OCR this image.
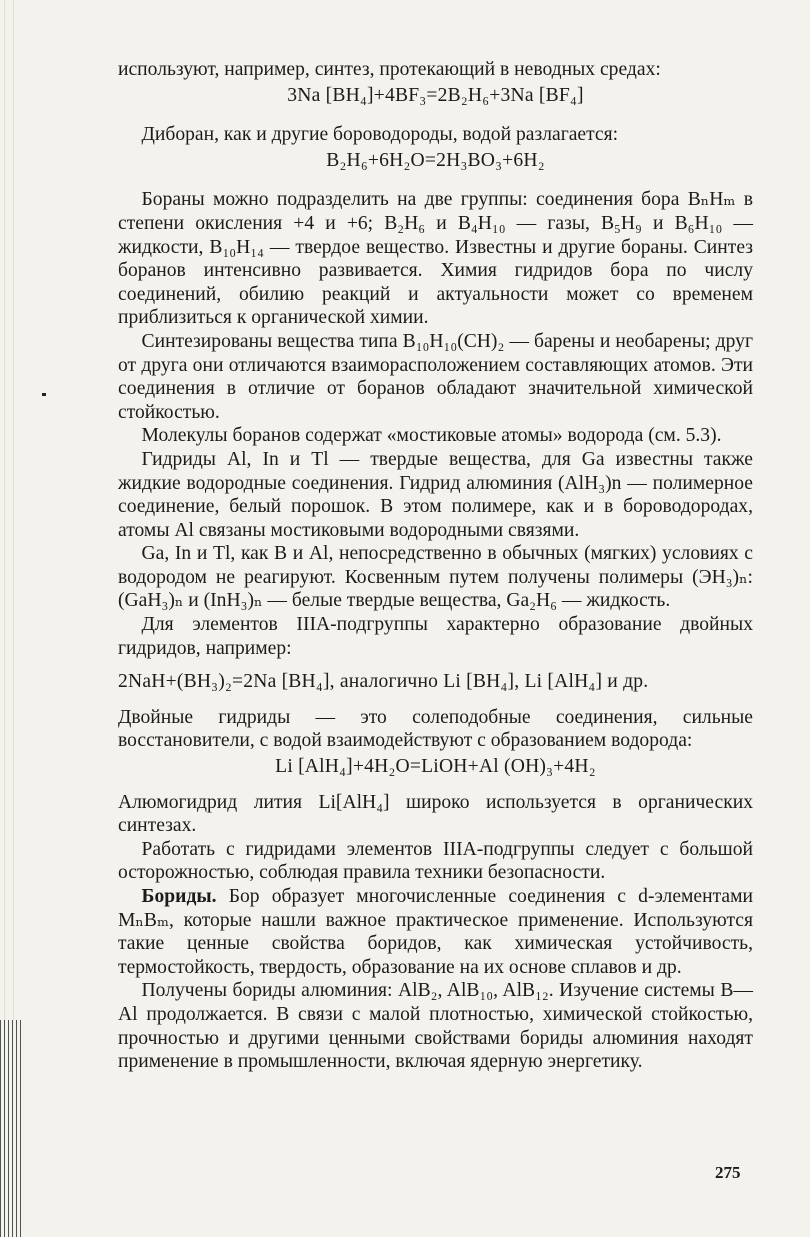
используют, например, синтез, протекающий в неводных средах:

3Na [BH₄]+4BF₃=2B₂H₆+3Na [BF₄]

Диборан, как и другие бороводороды, водой разлагается:

B₂H₆+6H₂O=2H₃BO₃+6H₂

Бораны можно подразделить на две группы: соединения бора BₙHₘ в степени окисления +4 и +6; B₂H₆ и B₄H₁₀ — газы, B₅H₉ и B₆H₁₀ — жидкости, B₁₀H₁₄ — твердое вещество. Известны и другие бораны. Синтез боранов интенсивно развивается. Химия гидридов бора по числу соединений, обилию реакций и актуальности может со временем приблизиться к органической химии.

Синтезированы вещества типа B₁₀H₁₀(CH)₂ — барены и необарены; друг от друга они отличаются взаиморасположением составляющих атомов. Эти соединения в отличие от боранов обладают значительной химической стойкостью.

Молекулы боранов содержат «мостиковые атомы» водорода (см. 5.3).

Гидриды Al, In и Tl — твердые вещества, для Ga известны также жидкие водородные соединения. Гидрид алюминия (AlH₃)n — полимерное соединение, белый порошок. В этом полимере, как и в бороводородах, атомы Al связаны мостиковыми водородными связями.

Ga, In и Tl, как B и Al, непосредственно в обычных (мягких) условиях с водородом не реагируют. Косвенным путем получены полимеры (ЭH₃)ₙ: (GaH₃)ₙ и (InH₃)ₙ — белые твердые вещества, Ga₂H₆ — жидкость.

Для элементов IIIA-подгруппы характерно образование двойных гидридов, например:

2NaH+(BH₃)₂=2Na [BH₄], аналогично Li [BH₄], Li [AlH₄] и др.

Двойные гидриды — это солеподобные соединения, сильные восстановители, с водой взаимодействуют с образованием водорода:

Li [AlH₄]+4H₂O=LiOH+Al (OH)₃+4H₂

Алюмогидрид лития Li[AlH₄] широко используется в органических синтезах.

Работать с гидридами элементов IIIA-подгруппы следует с большой осторожностью, соблюдая правила техники безопасности.

Бориды. Бор образует многочисленные соединения с d-элементами MₙBₘ, которые нашли важное практическое применение. Используются такие ценные свойства боридов, как химическая устойчивость, термостойкость, твердость, образование на их основе сплавов и др.

Получены бориды алюминия: AlB₂, AlB₁₀, AlB₁₂. Изучение системы B—Al продолжается. В связи с малой плотностью, химической стойкостью, прочностью и другими ценными свойствами бориды алюминия находят применение в промышленности, включая ядерную энергетику.

275
